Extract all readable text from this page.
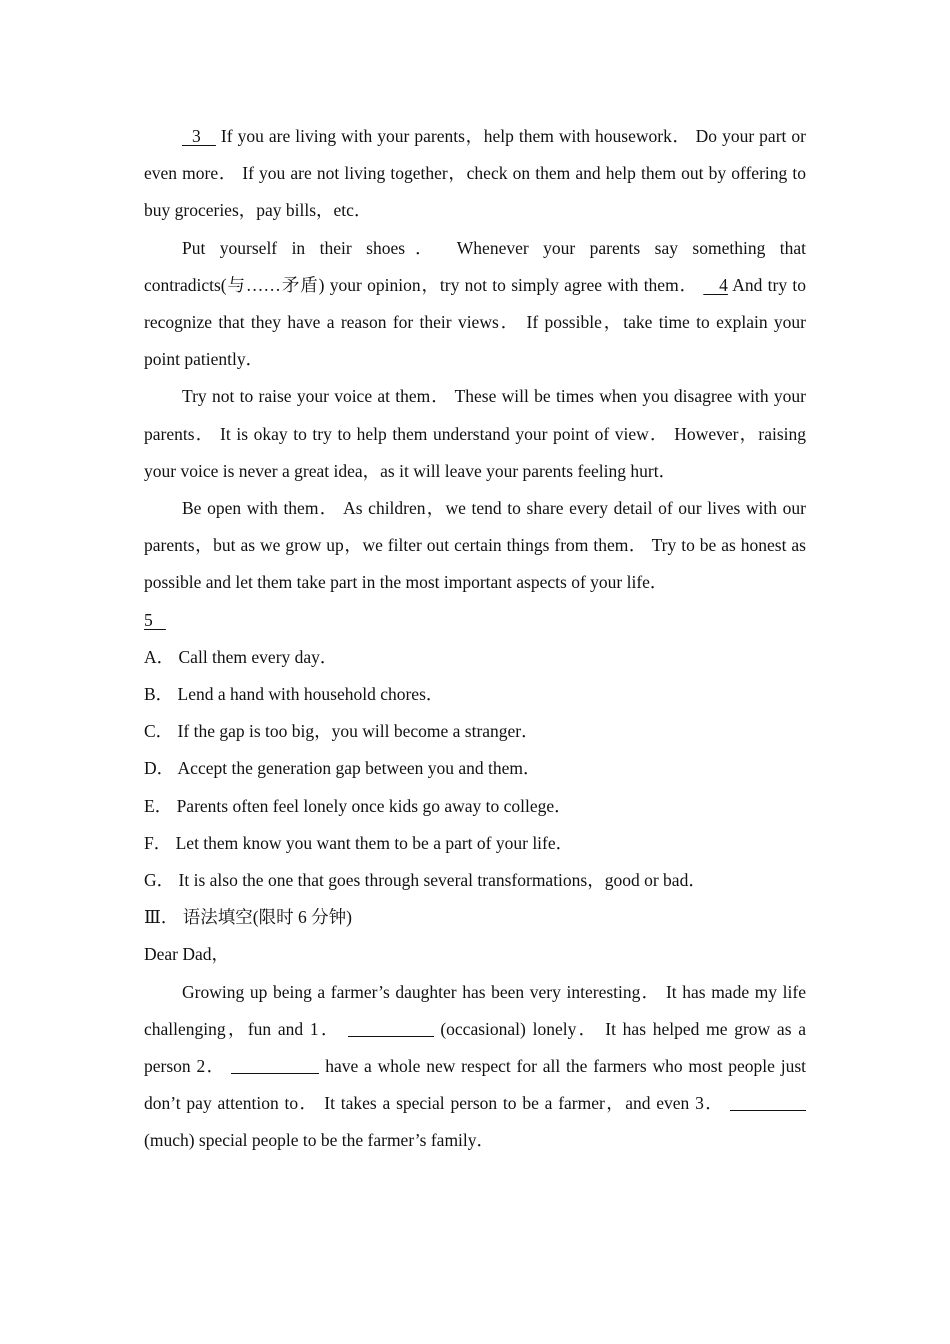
3    If you are living with your parents，help them with housework． Do your part or even more． If you are not living together，check on them and help them out by offering to buy groceries，pay bills，etc．

Put yourself in their shoes． Whenever your parents say something that contradicts(与……矛盾) your opinion，try not to simply agree with them．    4 And try to recognize that they have a reason for their views． If possible，take time to explain your point patiently．

Try not to raise your voice at them． These will be times when you disagree with your parents． It is okay to try to help them understand your point of view． However，raising your voice is never a great idea，as it will leave your parents feeling hurt．

Be open with them． As children，we tend to share every detail of our lives with our parents，but as we grow up，we filter out certain things from them． Try to be as honest as possible and let them take part in the most important aspects of your life．

5

A． Call them every day．

B． Lend a hand with household chores．

C． If the gap is too big，you will become a stranger．

D． Accept the generation gap between you and them．

E． Parents often feel lonely once kids go away to college．

F． Let them know you want them to be a part of your life．

G． It is also the one that goes through several transformations，good or bad．

Ⅲ． 语法填空(限时 6 分钟)

Dear Dad，

Growing up being a farmer’s daughter has been very interesting． It has made my life challenging，fun and 1．	(occasional) lonely． It has helped me grow as a person 2．	have a whole new respect for all the farmers who most people just don’t pay attention to． It takes a special person to be a farmer，and even 3．  (much) special people to be the farmer’s family．
